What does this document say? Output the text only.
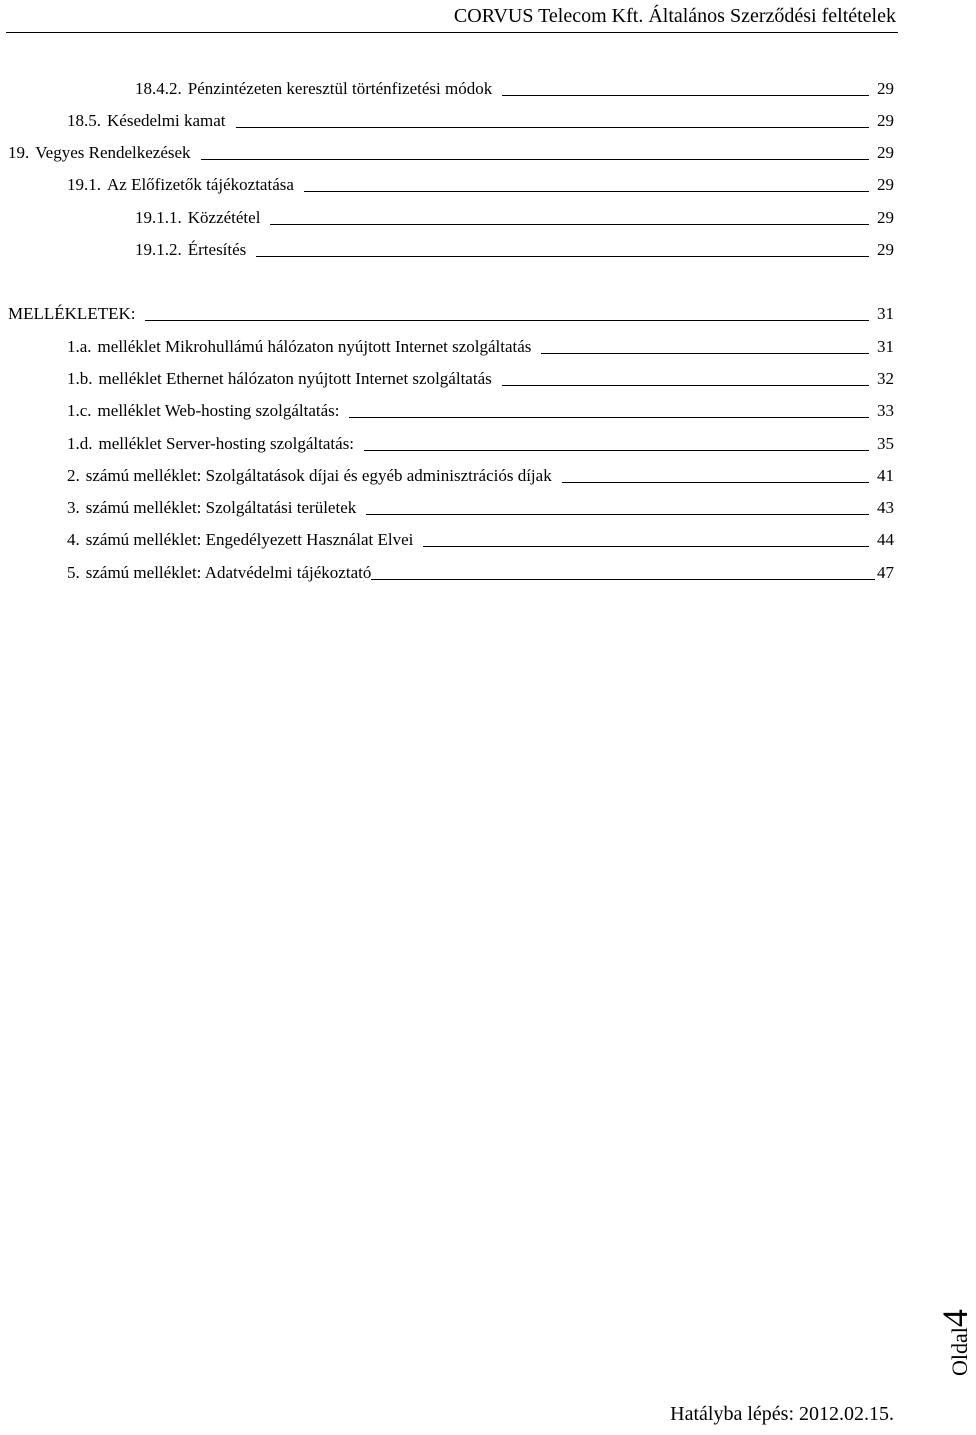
CORVUS Telecom Kft. Általános Szerződési feltételek
18.4.2. Pénzintézeten keresztül történfizetési módok	29
18.5. Késedelmi kamat	29
19. Vegyes Rendelkezések	29
19.1. Az Előfizetők tájékoztatása	29
19.1.1. Közzététel	29
19.1.2. Értesítés	29
MELLÉKLETEK:	31
1.a. melléklet Mikrohullámú hálózaton nyújtott Internet szolgáltatás	31
1.b. melléklet Ethernet hálózaton nyújtott Internet szolgáltatás	32
1.c. melléklet Web-hosting szolgáltatás:	33
1.d. melléklet Server-hosting szolgáltatás:	35
2. számú melléklet: Szolgáltatások díjai és egyéb adminisztrációs díjak	41
3. számú melléklet: Szolgáltatási területek	43
4. számú melléklet: Engedélyezett Használat Elvei	44
5. számú melléklet: Adatvédelmi tájékoztató	47
Oldal4
Hatályba lépés: 2012.02.15.
